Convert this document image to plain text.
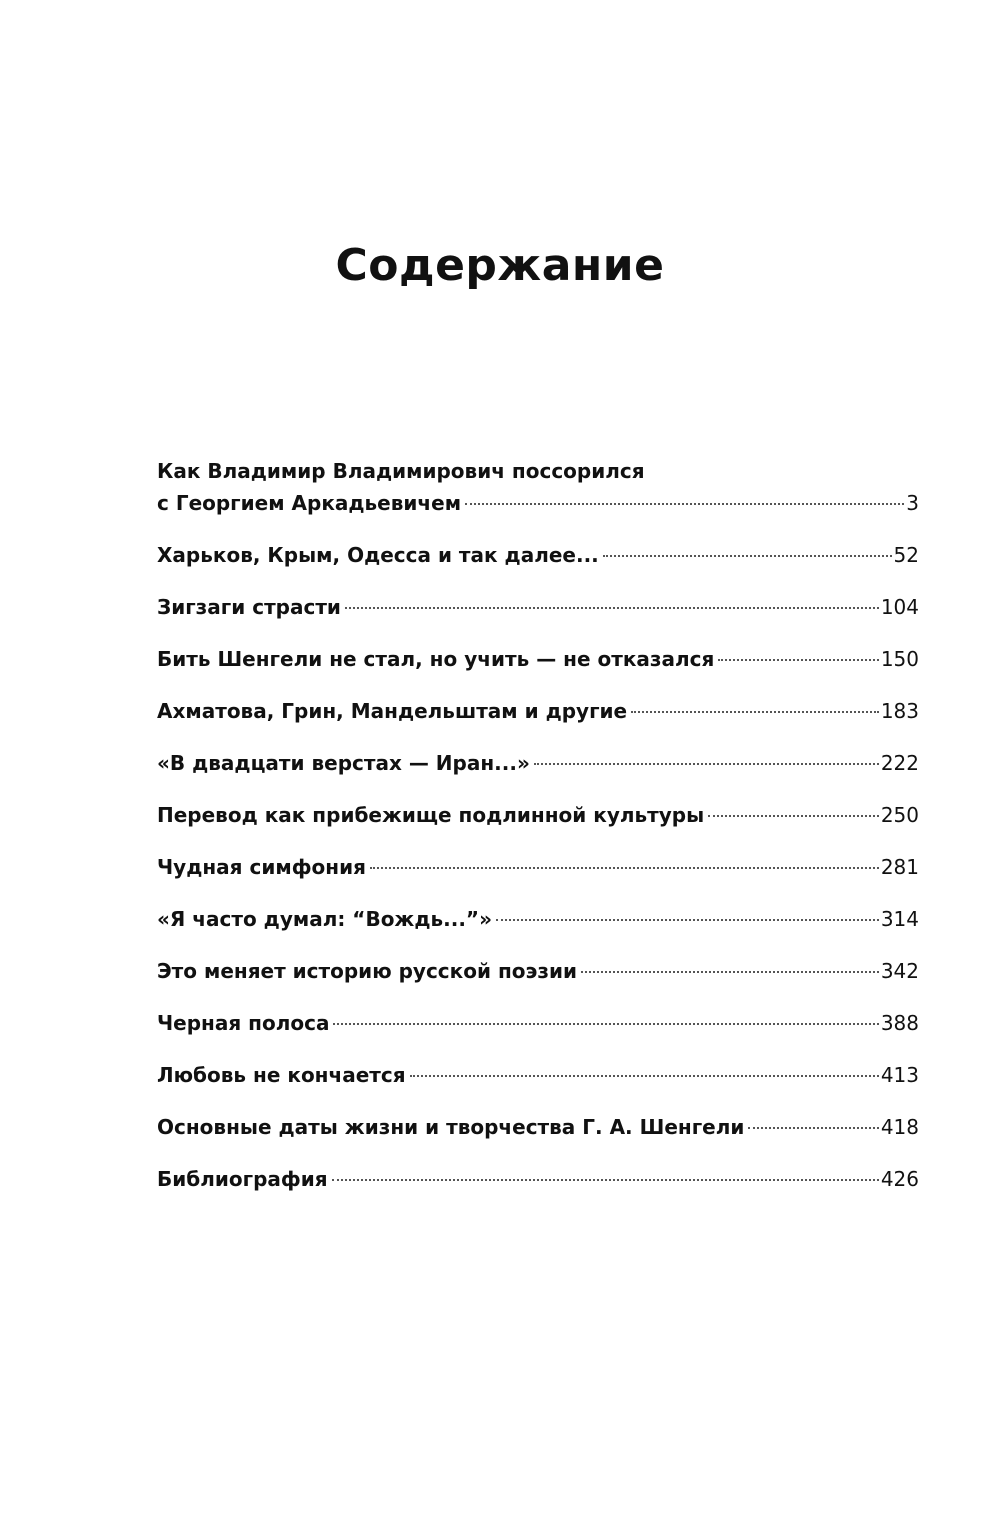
Содержание
Как Владимир Владимирович поссорился
с Георгием Аркадьевичем	3
Харьков, Крым, Одесса и так далее...	52
Зигзаги страсти	104
Бить Шенгели не стал, но учить — не отказался	150
Ахматова, Грин, Мандельштам и другие	183
«В двадцати верстах — Иран...»	222
Перевод как прибежище подлинной культуры	250
Чудная симфония	281
«Я часто думал: “Вождь...”»	314
Это меняет историю русской поэзии	342
Черная полоса	388
Любовь не кончается	413
Основные даты жизни и творчества Г. А. Шенгели	418
Библиография	426
